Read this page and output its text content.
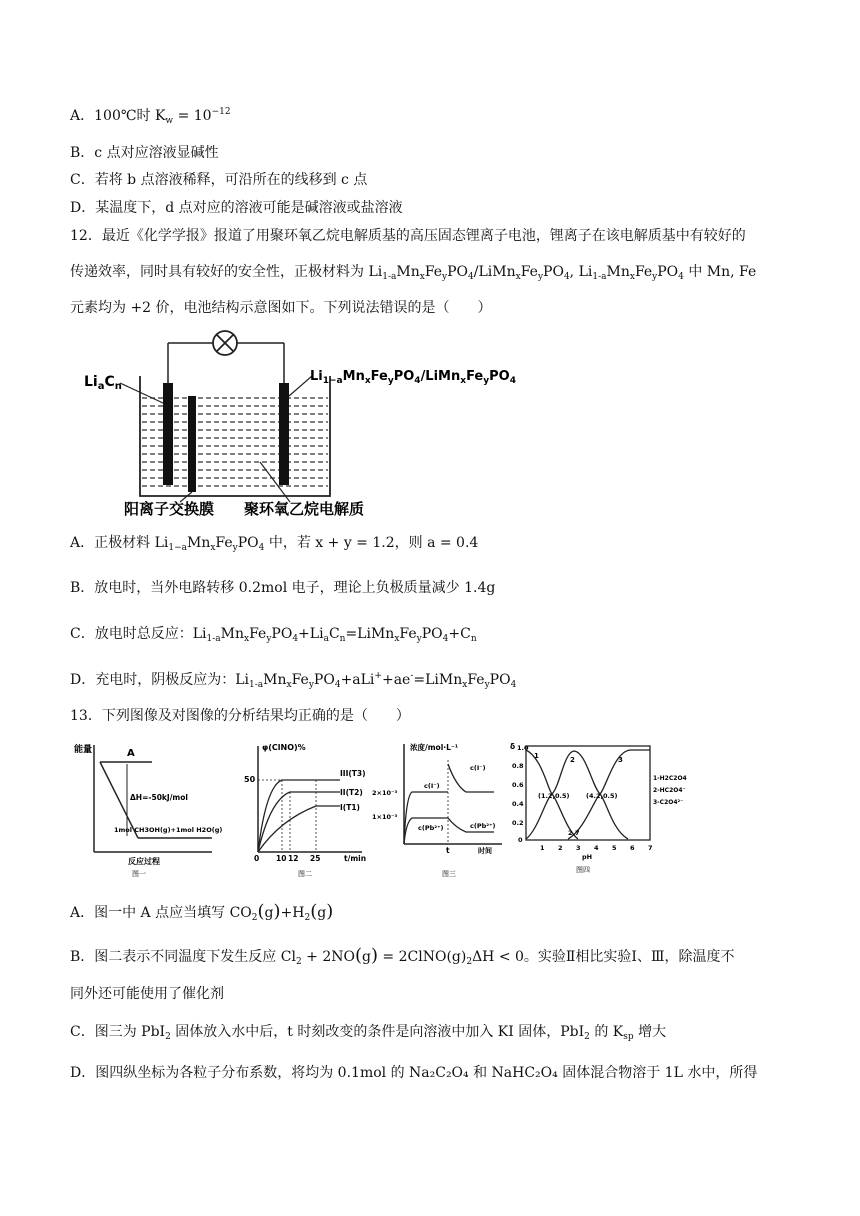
A．100℃时 $K_w = 10^{-12}$
B．c 点对应溶液显碱性
C．若将 b 点溶液稀释，可沿所在的线移到 c 点
D．某温度下，d 点对应的溶液可能是碱溶液或盐溶液
12．最近《化学学报》报道了用聚环氧乙烷电解质基的高压固态锂离子电池，锂离子在该电解质基中有较好的
传递效率，同时具有较好的安全性，正极材料为 $Li_{1-a}Mn_xFe_yPO_4/LiMn_xFe_yPO_4$, $Li_{1-a}Mn_xFe_yPO_4$ 中 Mn, Fe
元素均为 +2 价，电池结构示意图如下。下列说法错误的是（　　）
$Li_aC_n$
$Li_{1-a}Mn_xFe_yPO_4/LiMn_xFe_yPO_4$
阳离子交换膜 聚环氧乙烷电解质
A．正极材料 $Li_{1-a}Mn_xFe_yPO_4$ 中，若 x + y = 1.2，则 a = 0.4
B．放电时，当外电路转移 0.2mol 电子，理论上负极质量减少 1.4g
C．放电时总反应：$Li_{1-a}Mn_xFe_yPO_4+Li_aC_n=LiMn_xFe_yPO_4+C_n$
D．充电时，阴极反应为：$Li_{1-a}Mn_xFe_yPO_4+aLi^++ae^-=LiMn_xFe_yPO_4$
13．下列图像及对图像的分析结果均正确的是（　　）
能量	A
ΔH=-50kJ/mol
1mol CH3OH(g)+1mol H2O(g)
反应过程
图一
φ(ClNO)%
50
III(T3)
II(T2)
I(T1)
0 10 12 25	t/min
图二
浓度/mol·L⁻¹
2×10⁻³
1×10⁻³
c(I⁻)
c(I⁻)
c(Pb²⁺)	c(Pb²⁺)
t	时间
图三
δ 1.0
0.8
0.6
0.4
0.2
0
1	2	3
(1.2,0.5)	(4.2,0.5)
2.7
1 2 3 4 5 6 7
pH
1-H2C2O4
2-HC2O4⁻
3-C2O4²⁻
图四
A．图一中 A 点应当填写 $CO_2(g)+H_2(g)$
B．图二表示不同温度下发生反应 $Cl_2 + 2NO(g)$ = $2ClNO(g)_2\Delta H < 0$。实验Ⅱ相比实验Ⅰ、Ⅲ，除温度不
同外还可能使用了催化剂
C．图三为 PbI$_2$ 固体放入水中后，t 时刻改变的条件是向溶液中加入 KI 固体，PbI$_2$ 的 $K_{sp}$ 增大
D．图四纵坐标为各粒子分布系数，将均为 0.1mol 的 Na₂C₂O₄ 和 NaHC₂O₄ 固体混合物溶于 1L 水中，所得
